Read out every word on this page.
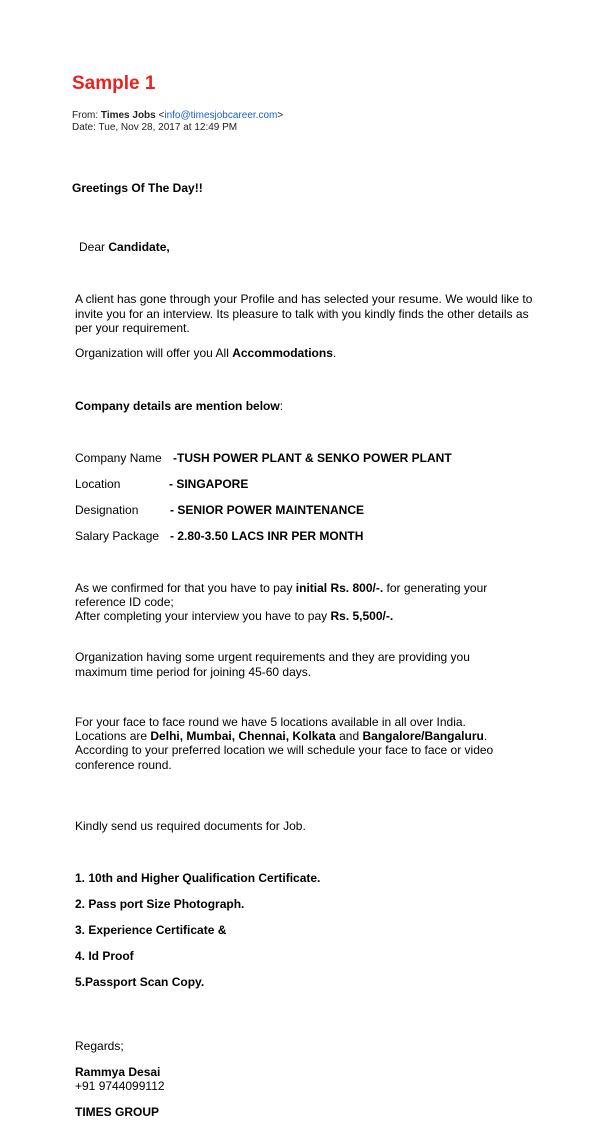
Sample 1
From: Times Jobs <info@timesjobcareer.com>
Date: Tue, Nov 28, 2017 at 12:49 PM
Greetings Of The Day!!
Dear Candidate,
A client has gone through your Profile and has selected your resume. We would like to invite you for an interview. Its pleasure to talk with you kindly finds the other details as per your requirement.
Organization will offer you All Accommodations.
Company details are mention below:
Company Name -TUSH POWER PLANT & SENKO POWER PLANT
Location	- SINGAPORE
Designation	- SENIOR POWER MAINTENANCE
Salary Package - 2.80-3.50 LACS INR PER MONTH
As we confirmed for that you have to pay initial Rs. 800/-. for generating your
reference ID code;
After completing your interview you have to pay Rs. 5,500/-.
Organization having some urgent requirements and they are providing you maximum time period for joining 45-60 days.
For your face to face round we have 5 locations available in all over India.
Locations are Delhi, Mumbai, Chennai, Kolkata and Bangalore/Bangaluru.
According to your preferred location we will schedule your face to face or video conference round.
Kindly send us required documents for Job.
1. 10th and Higher Qualification Certificate.
2. Pass port Size Photograph.
3. Experience Certificate &
4. Id Proof
5.Passport Scan Copy.
Regards;
Rammya Desai
+91 9744099112
TIMES GROUP
